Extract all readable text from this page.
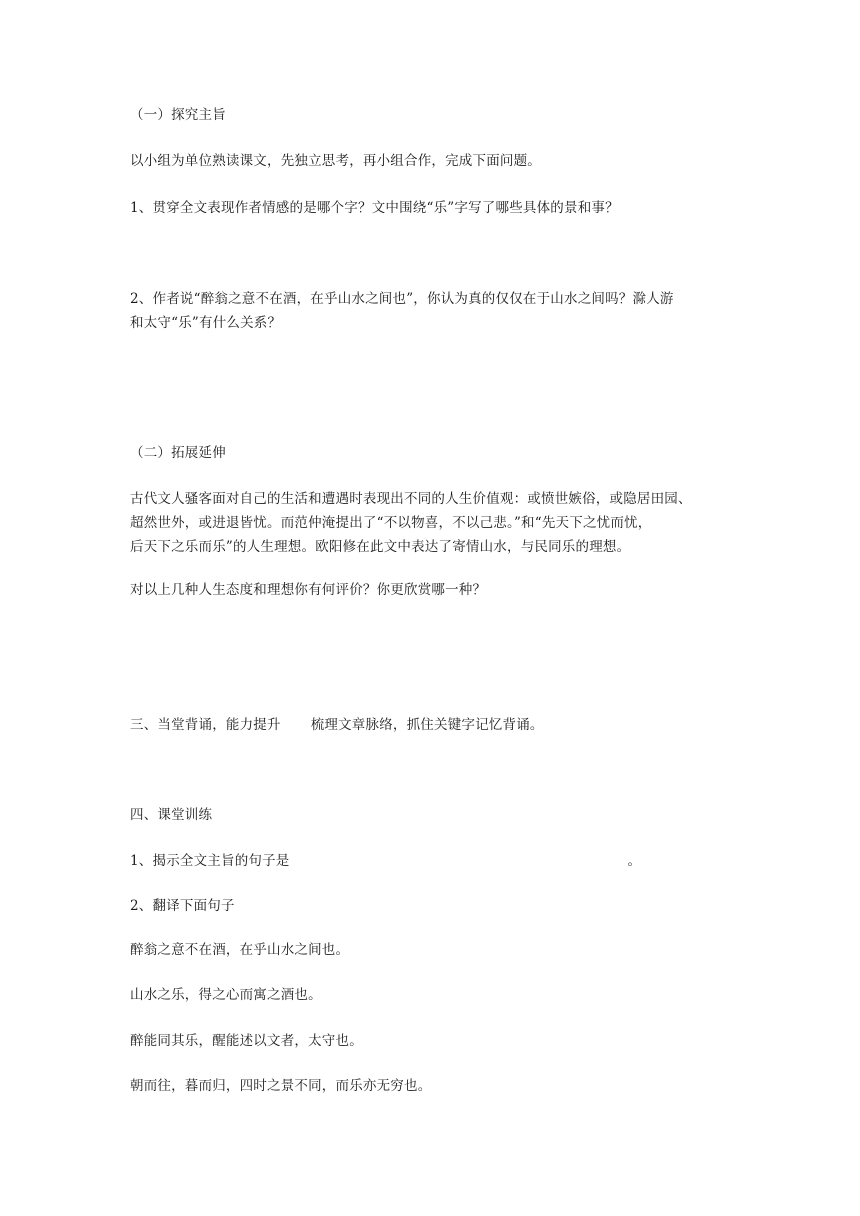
（一）探究主旨
以小组为单位熟读课文，先独立思考，再小组合作，完成下面问题。
1、贯穿全文表现作者情感的是哪个字？文中围绕“乐”字写了哪些具体的景和事？
2、作者说“醉翁之意不在酒，在乎山水之间也”，你认为真的仅仅在于山水之间吗？滁人游
和太守“乐”有什么关系？
（二）拓展延伸
古代文人骚客面对自己的生活和遭遇时表现出不同的人生价值观：或愤世嫉俗，或隐居田园、
超然世外，或进退皆忧。而范仲淹提出了“不以物喜，不以己悲。”和“先天下之忧而忧，
后天下之乐而乐”的人生理想。欧阳修在此文中表达了寄情山水，与民同乐的理想。
对以上几种人生态度和理想你有何评价？你更欣赏哪一种？
三、当堂背诵，能力提升 梳理文章脉络，抓住关键字记忆背诵。
四、课堂训练
1、揭示全文主旨的句子是	。
2、翻译下面句子
醉翁之意不在酒，在乎山水之间也。
山水之乐，得之心而寓之酒也。
醉能同其乐，醒能述以文者，太守也。
朝而往，暮而归，四时之景不同，而乐亦无穷也。
